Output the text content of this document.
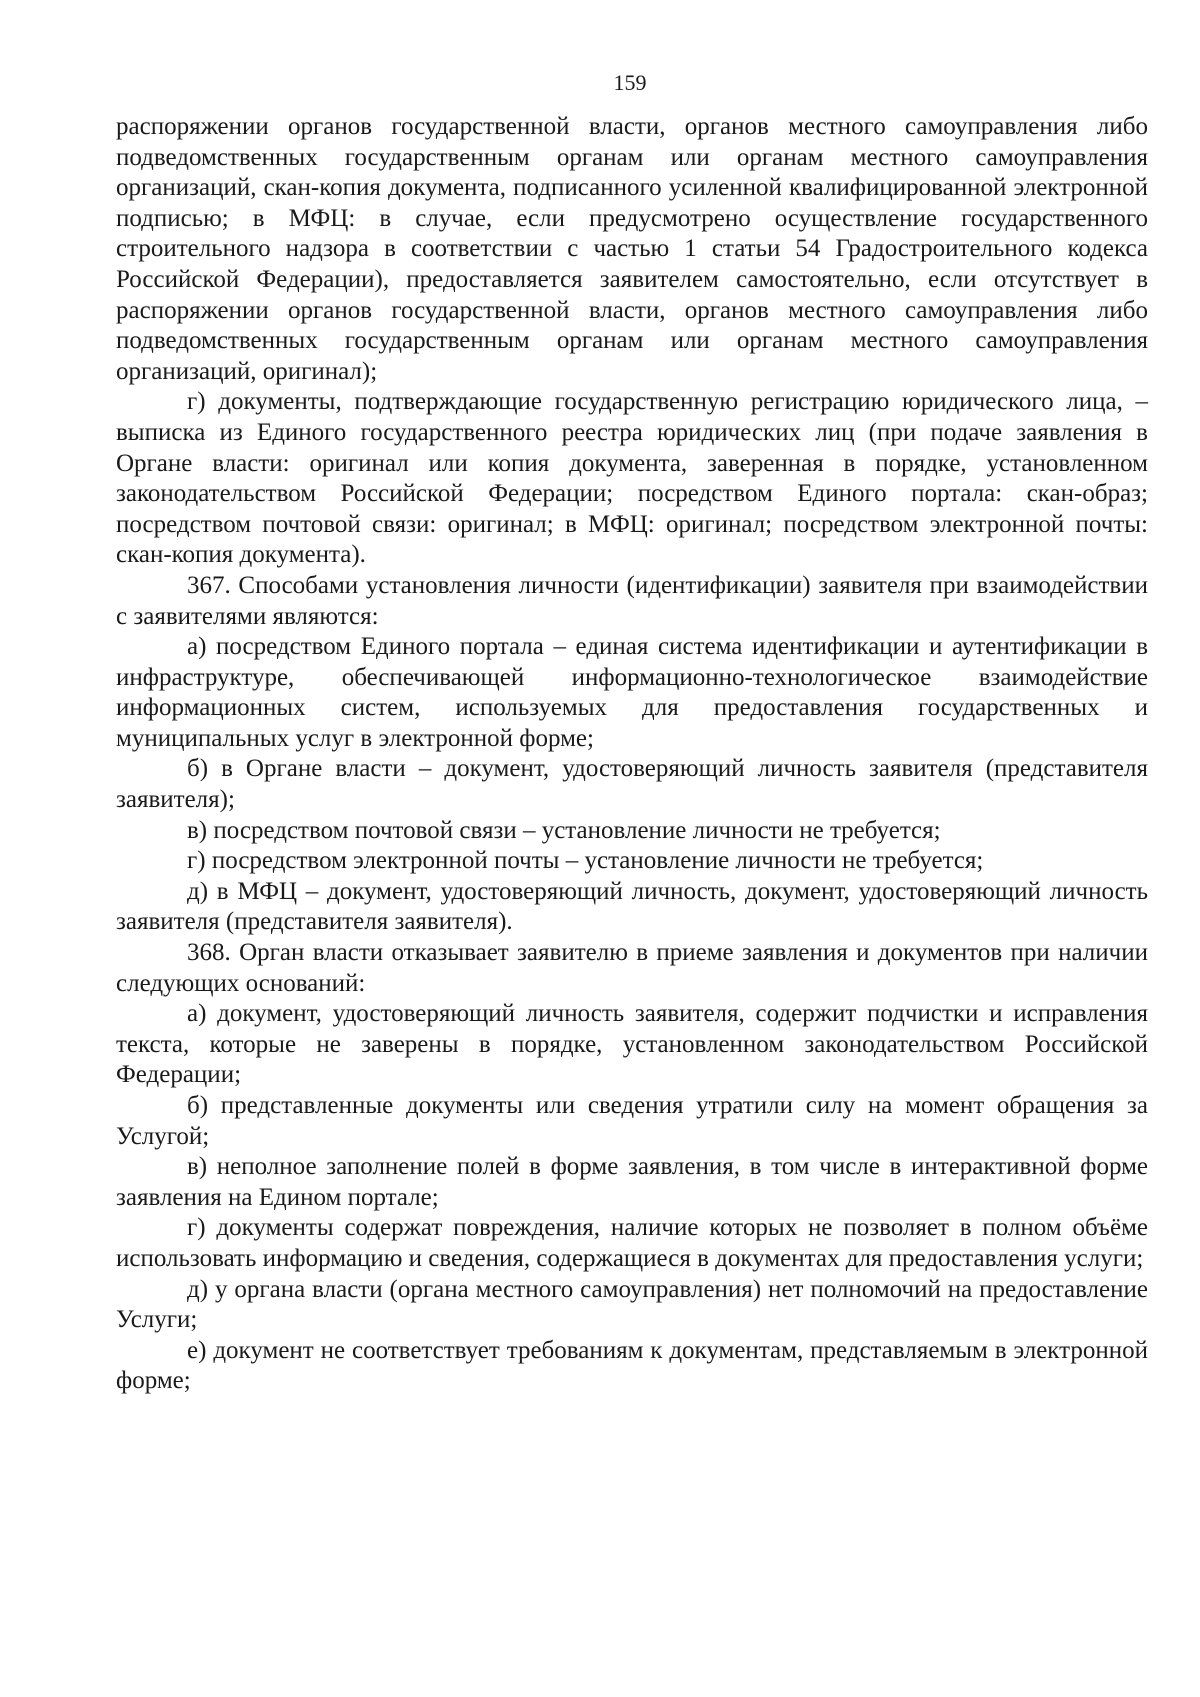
159

распоряжении органов государственной власти, органов местного самоуправления либо подведомственных государственным органам или органам местного самоуправления организаций, скан-копия документа, подписанного усиленной квалифицированной электронной подписью; в МФЦ: в случае, если предусмотрено осуществление государственного строительного надзора в соответствии с частью 1 статьи 54 Градостроительного кодекса Российской Федерации), предоставляется заявителем самостоятельно, если отсутствует в распоряжении органов государственной власти, органов местного самоуправления либо подведомственных государственным органам или органам местного самоуправления организаций, оригинал);

г) документы, подтверждающие государственную регистрацию юридического лица, – выписка из Единого государственного реестра юридических лиц (при подаче заявления в Органе власти: оригинал или копия документа, заверенная в порядке, установленном законодательством Российской Федерации; посредством Единого портала: скан-образ; посредством почтовой связи: оригинал; в МФЦ: оригинал; посредством электронной почты: скан-копия документа).

367. Способами установления личности (идентификации) заявителя при взаимодействии с заявителями являются:

а) посредством Единого портала – единая система идентификации и аутентификации в инфраструктуре, обеспечивающей информационно-технологическое взаимодействие информационных систем, используемых для предоставления государственных и муниципальных услуг в электронной форме;

б) в Органе власти – документ, удостоверяющий личность заявителя (представителя заявителя);

в) посредством почтовой связи – установление личности не требуется;

г) посредством электронной почты – установление личности не требуется;

д) в МФЦ – документ, удостоверяющий личность, документ, удостоверяющий личность заявителя (представителя заявителя).

368. Орган власти отказывает заявителю в приеме заявления и документов при наличии следующих оснований:

а) документ, удостоверяющий личность заявителя, содержит подчистки и исправления текста, которые не заверены в порядке, установленном законодательством Российской Федерации;

б) представленные документы или сведения утратили силу на момент обращения за Услугой;

в) неполное заполнение полей в форме заявления, в том числе в интерактивной форме заявления на Едином портале;

г) документы содержат повреждения, наличие которых не позволяет в полном объёме использовать информацию и сведения, содержащиеся в документах для предоставления услуги;

д) у органа власти (органа местного самоуправления) нет полномочий на предоставление Услуги;

е) документ не соответствует требованиям к документам, представляемым в электронной форме;
